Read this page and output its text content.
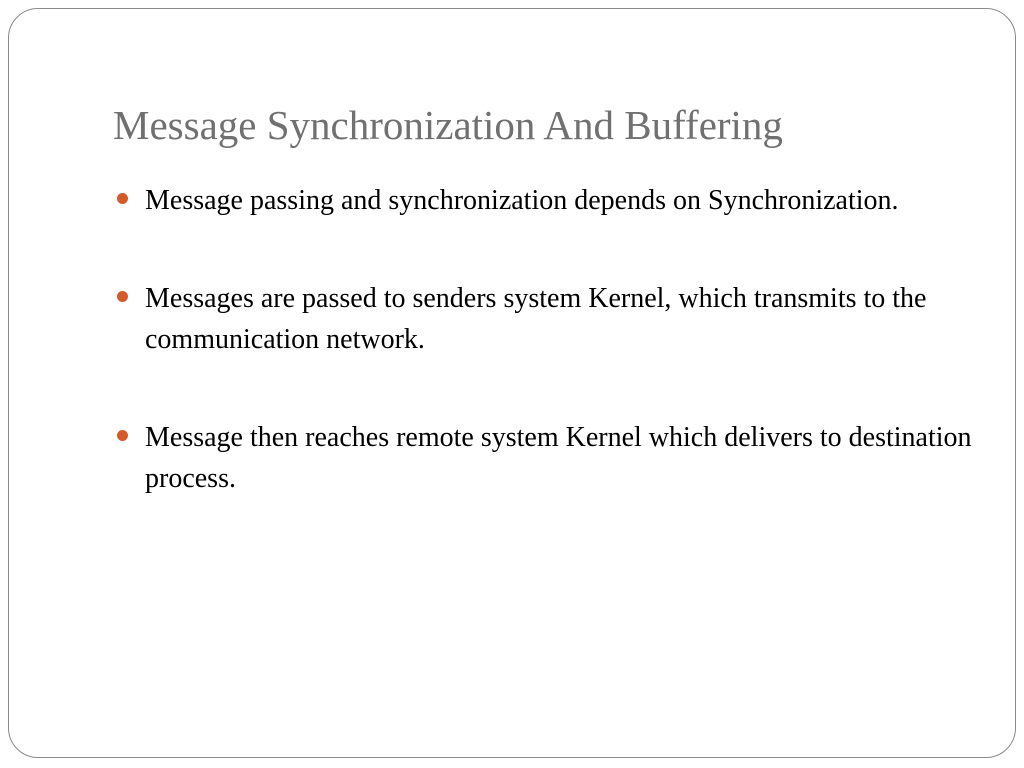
Message Synchronization And Buffering
Message passing and synchronization depends on Synchronization.
Messages are passed to senders system Kernel, which transmits to the communication network.
Message then reaches remote system Kernel which delivers to destination process.
